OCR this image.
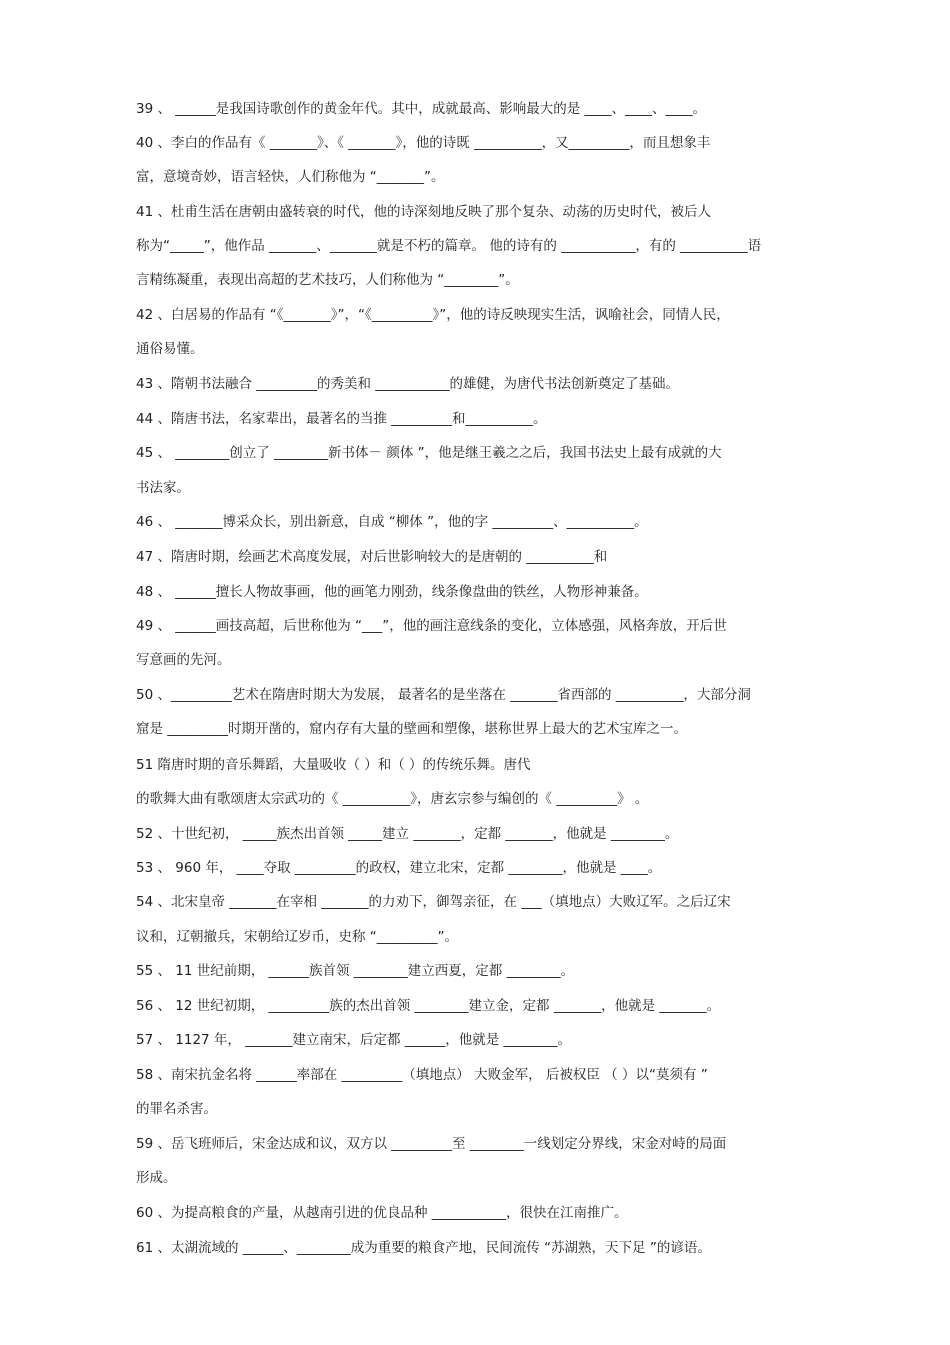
39 、 ______是我国诗歌创作的黄金年代。其中，成就最高、影响最大的是 ____、____、____。
40 、李白的作品有《 _______》、《 _______》，他的诗既 __________，又_________，而且想象丰
富，意境奇妙，语言轻快，人们称他为 “_______”。
41 、杜甫生活在唐朝由盛转衰的时代，他的诗深刻地反映了那个复杂、动荡的历史时代，被后人
称为“_____”，他作品 _______、_______就是不朽的篇章。 他的诗有的 ___________，有的 __________语
言精练凝重，表现出高超的艺术技巧，人们称他为 “________”。
42 、白居易的作品有 “《_______》”，“《_________》”，他的诗反映现实生活，讽喻社会，同情人民，
通俗易懂。
43 、隋朝书法融合 _________的秀美和 ___________的雄健，为唐代书法创新奠定了基础。
44 、隋唐书法，名家辈出，最著名的当推 _________和__________。
45 、 ________创立了 ________新书体－ 颜体 ”，他是继王羲之之后，我国书法史上最有成就的大
书法家。
46 、 _______博采众长，别出新意，自成 “柳体 ”，他的字 _________、__________。
47 、隋唐时期，绘画艺术高度发展，对后世影响较大的是唐朝的 __________和
48 、 ______擅长人物故事画，他的画笔力刚劲，线条像盘曲的铁丝，人物形神兼备。
49 、 ______画技高超，后世称他为 “___”，他的画注意线条的变化，立体感强，风格奔放，开后世
写意画的先河。
50 、_________艺术在隋唐时期大为发展， 最著名的是坐落在 _______省西部的 __________，大部分洞
窟是 _________时期开凿的，窟内存有大量的壁画和塑像，堪称世界上最大的艺术宝库之一。
51 隋唐时期的音乐舞蹈，大量吸收（ ）和（ ）的传统乐舞。唐代
的歌舞大曲有歌颂唐太宗武功的《 __________》，唐玄宗参与编创的《 _________》 。
52 、十世纪初， _____族杰出首领 _____建立 _______，定都 _______，他就是 ________。
53 、 960 年， ____夺取 _________的政权，建立北宋，定都 ________，他就是 ____。
54 、北宋皇帝 _______在宰相 _______的力劝下，御驾亲征，在 ___（填地点）大败辽军。之后辽宋
议和，辽朝撤兵，宋朝给辽岁币，史称 “_________”。
55 、 11 世纪前期， ______族首领 ________建立西夏，定都 ________。
56 、 12 世纪初期， _________族的杰出首领 ________建立金，定都 _______，他就是 _______。
57 、 1127 年， _______建立南宋，后定都 ______，他就是 ________。
58 、南宋抗金名将 ______率部在 _________（填地点） 大败金军， 后被权臣 （ ）以“莫须有 ”
的罪名杀害。
59 、岳飞班师后，宋金达成和议，双方以 _________至 ________一线划定分界线，宋金对峙的局面
形成。
60 、为提高粮食的产量，从越南引进的优良品种 ___________，很快在江南推广。
61 、太湖流域的 ______、________成为重要的粮食产地，民间流传 “苏湖熟，天下足 ”的谚语。
